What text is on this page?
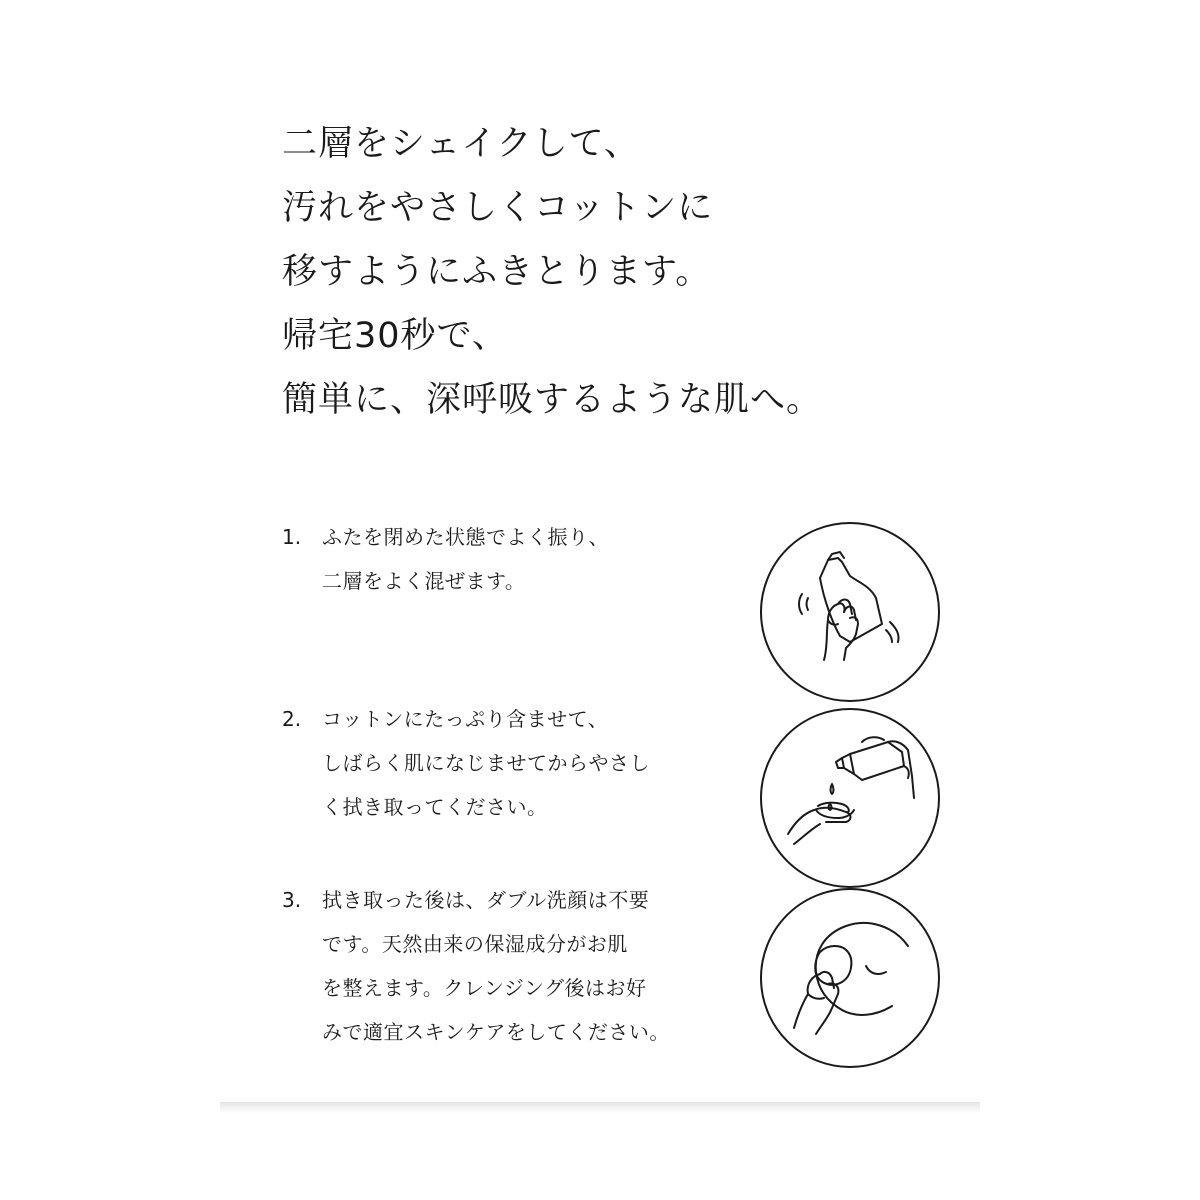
二層をシェイクして、
汚れをやさしくコットンに
移すようにふきとります。
帰宅30秒で、
簡単に、深呼吸するような肌へ。
1. ふたを閉めた状態でよく振り、
二層をよく混ぜます。
2. コットンにたっぷり含ませて、
しばらく肌になじませてからやさし
く拭き取ってください。
3. 拭き取った後は、ダブル洗顔は不要
です。天然由来の保湿成分がお肌
を整えます。クレンジング後はお好
みで適宜スキンケアをしてください。
